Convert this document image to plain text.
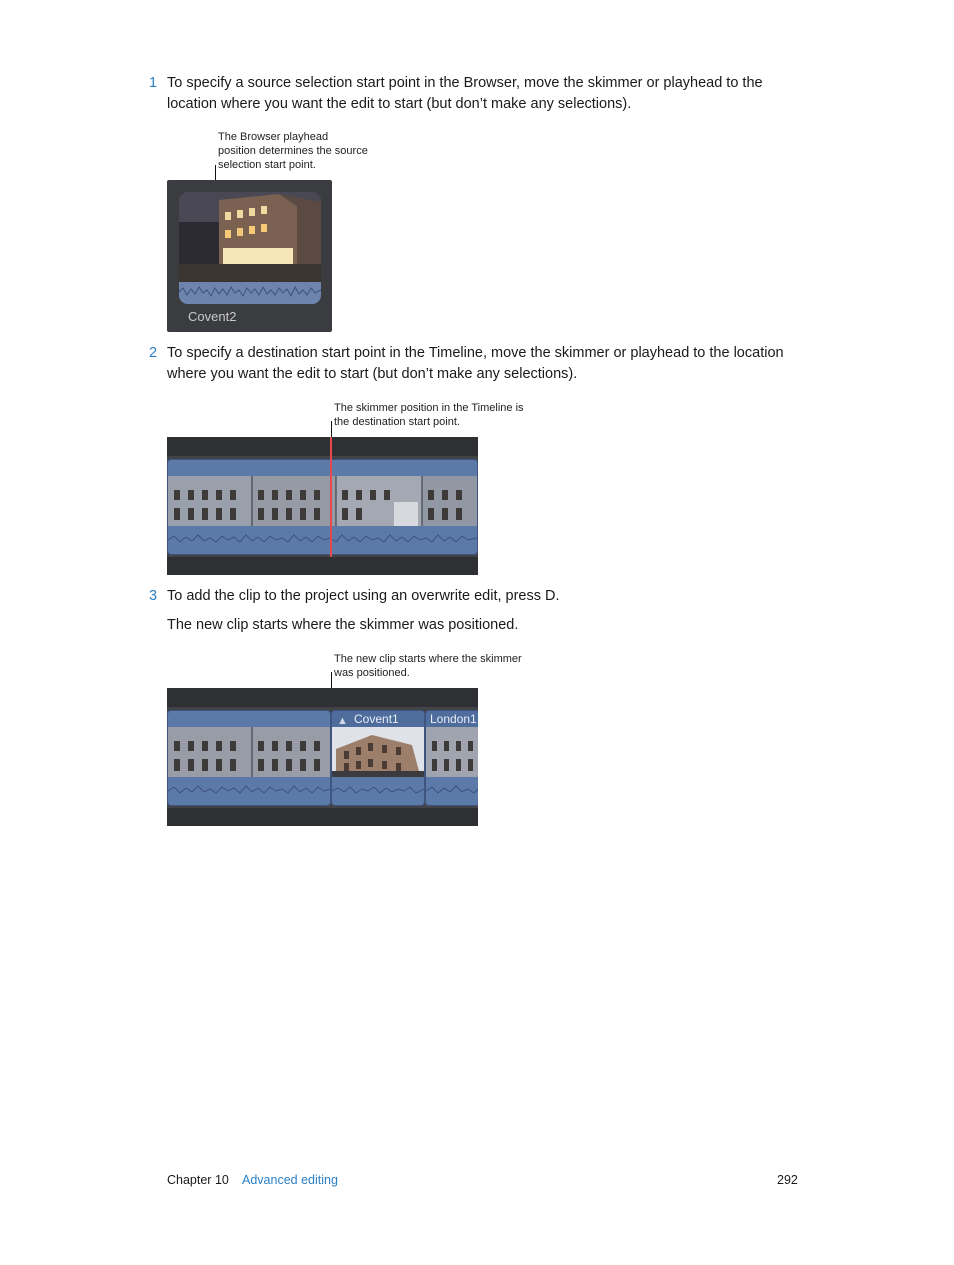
1 To specify a source selection start point in the Browser, move the skimmer or playhead to the location where you want the edit to start (but don’t make any selections).
The Browser playhead position determines the source selection start point.
Covent2
2 To specify a destination start point in the Timeline, move the skimmer or playhead to the location where you want the edit to start (but don’t make any selections).
The skimmer position in the Timeline is the destination start point.
3 To add the clip to the project using an overwrite edit, press D.
The new clip starts where the skimmer was positioned.
The new clip starts where the skimmer was positioned.
▲ Covent1	London1
Chapter 10 Advanced editing	292
